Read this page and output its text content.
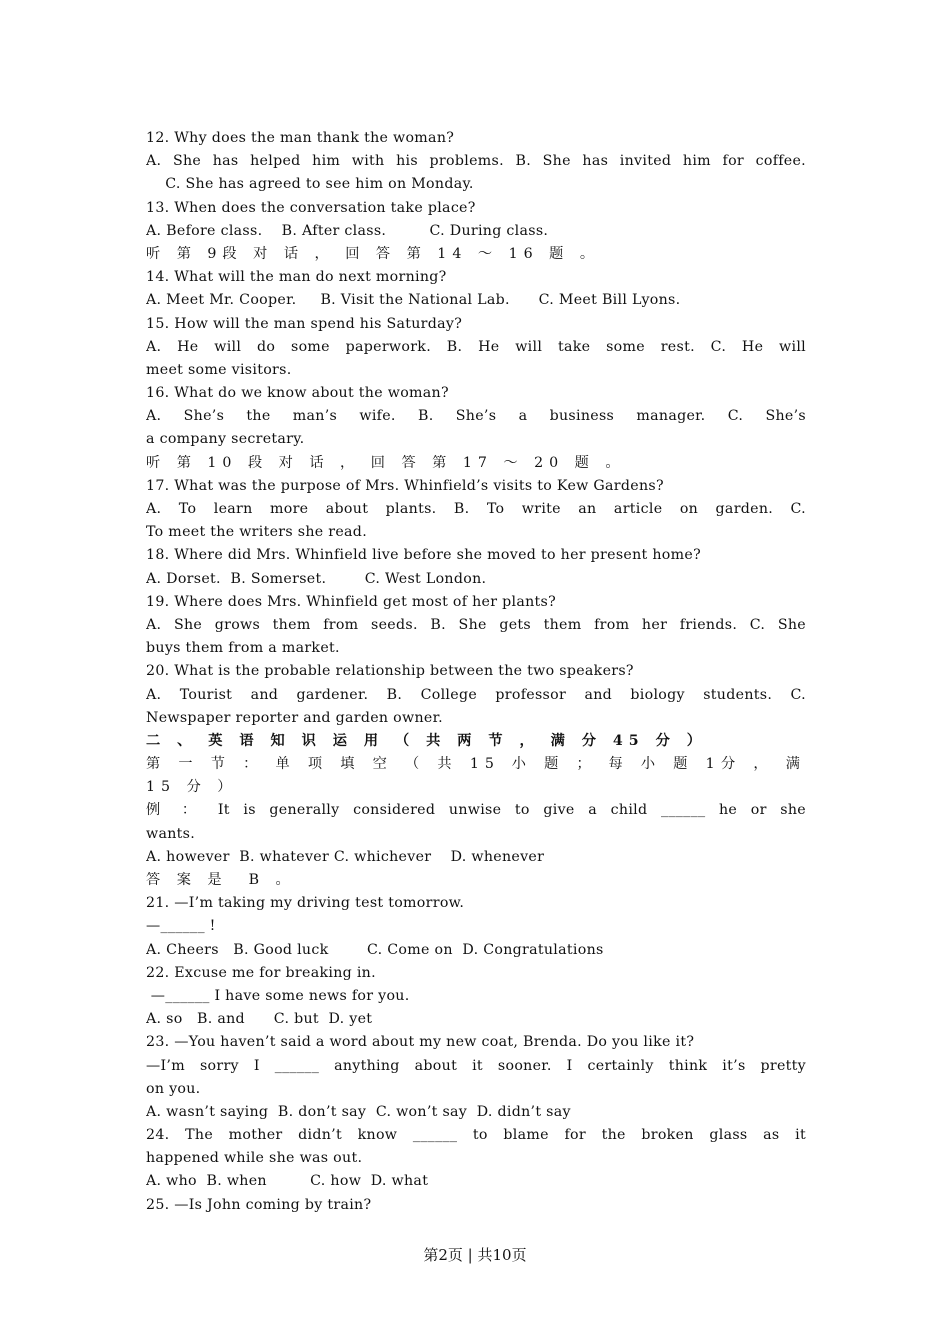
12. Why does the man thank the woman?
A. She has helped him with his problems. B. She has invited him for coffee.
C. She has agreed to see him on Monday.
13. When does the conversation take place?
A. Before class.    B. After class.         C. During class.
听 第 9段 对 话 ， 回 答 第 14 ～ 16 题 。
14. What will the man do next morning?
A. Meet Mr. Cooper.     B. Visit the National Lab.      C. Meet Bill Lyons.
15. How will the man spend his Saturday?
A. He will do some paperwork. B. He will take some rest. C. He will
meet some visitors.
16. What do we know about the woman?
A. She’s the man’s wife. B. She’s a business manager. C. She’s
a company secretary.
听 第 10 段 对 话 ， 回 答 第 17 ～ 20 题 。
17. What was the purpose of Mrs. Whinfield’s visits to Kew Gardens?
A. To learn more about plants. B. To write an article on garden. C.
To meet the writers she read.
18. Where did Mrs. Whinfield live before she moved to her present home?
A. Dorset.  B. Somerset.        C. West London.
19. Where does Mrs. Whinfield get most of her plants?
A. She grows them from seeds. B. She gets them from her friends. C. She
buys them from a market.
20. What is the probable relationship between the two speakers?
A. Tourist and gardener. B. College professor and biology students. C.
Newspaper reporter and garden owner.
二 、 英 语 知 识 运 用 （ 共 两 节 ， 满 分 45 分 ）
第 一 节 ： 单 项 填 空 （ 共 15 小 题 ； 每 小 题 1分 ， 满
15 分 ）
例 ： It is generally considered unwise to give a child ______ he or she
wants.
A. however  B. whatever C. whichever    D. whenever
答 案 是  B 。
21. —I’m taking my driving test tomorrow.
—______ !
A. Cheers   B. Good luck        C. Come on  D. Congratulations
22. Excuse me for breaking in.
—______ I have some news for you.
A. so   B. and      C. but  D. yet
23. —You haven’t said a word about my new coat, Brenda. Do you like it?
—I’m sorry I ______ anything about it sooner. I certainly think it’s pretty
on you.
A. wasn’t saying  B. don’t say  C. won’t say  D. didn’t say
24. The mother didn’t know ______ to blame for the broken glass as it
happened while she was out.
A. who  B. when         C. how  D. what
25. —Is John coming by train?
第2页 | 共10页
